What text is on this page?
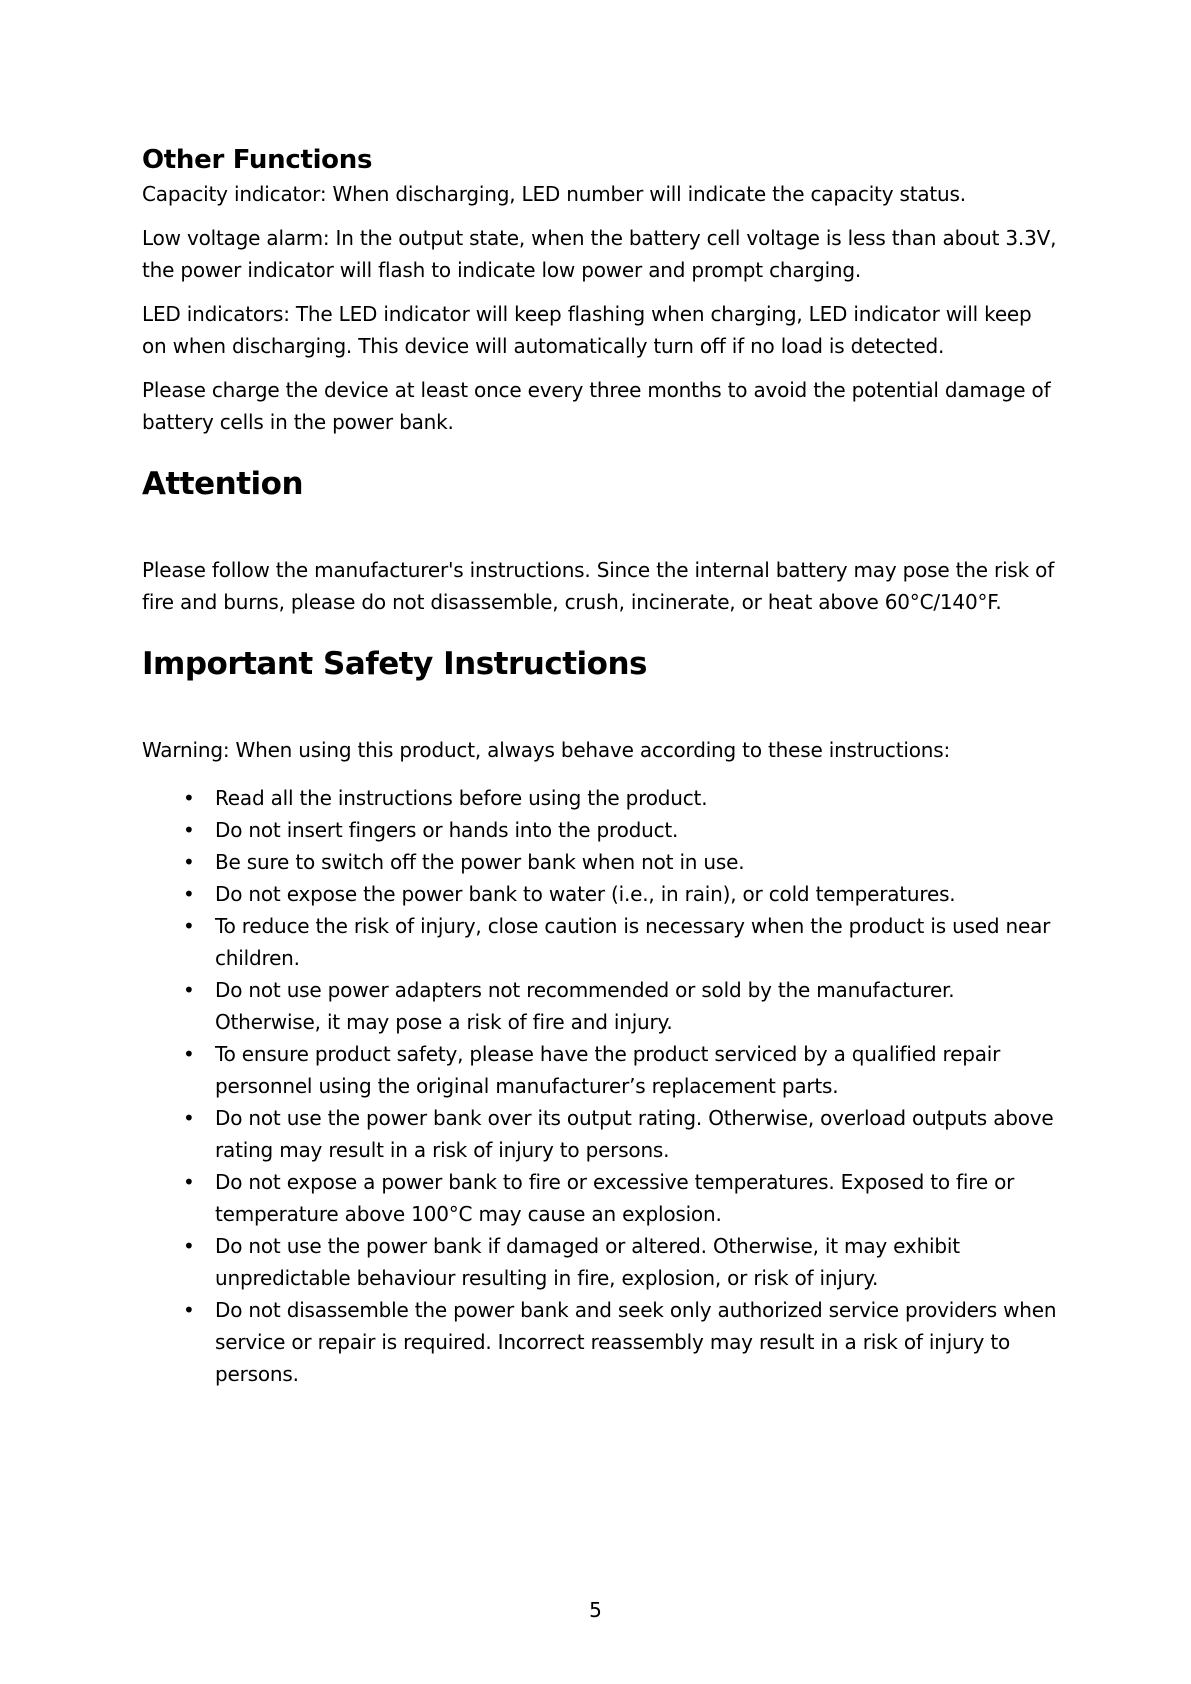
Other Functions

Capacity indicator: When discharging, LED number will indicate the capacity status.

Low voltage alarm: In the output state, when the battery cell voltage is less than about 3.3V, the power indicator will flash to indicate low power and prompt charging.

LED indicators: The LED indicator will keep flashing when charging, LED indicator will keep on when discharging. This device will automatically turn off if no load is detected.

Please charge the device at least once every three months to avoid the potential damage of battery cells in the power bank.

Attention

Please follow the manufacturer's instructions. Since the internal battery may pose the risk of fire and burns, please do not disassemble, crush, incinerate, or heat above 60°C/140°F.

Important Safety Instructions

Warning: When using this product, always behave according to these instructions:

• Read all the instructions before using the product.
• Do not insert fingers or hands into the product.
• Be sure to switch off the power bank when not in use.
• Do not expose the power bank to water (i.e., in rain), or cold temperatures.
• To reduce the risk of injury, close caution is necessary when the product is used near children.
• Do not use power adapters not recommended or sold by the manufacturer. Otherwise, it may pose a risk of fire and injury.
• To ensure product safety, please have the product serviced by a qualified repair personnel using the original manufacturer’s replacement parts.
• Do not use the power bank over its output rating. Otherwise, overload outputs above rating may result in a risk of injury to persons.
• Do not expose a power bank to fire or excessive temperatures. Exposed to fire or temperature above 100°C may cause an explosion.
• Do not use the power bank if damaged or altered. Otherwise, it may exhibit unpredictable behaviour resulting in fire, explosion, or risk of injury.
• Do not disassemble the power bank and seek only authorized service providers when service or repair is required. Incorrect reassembly may result in a risk of injury to persons.
5
